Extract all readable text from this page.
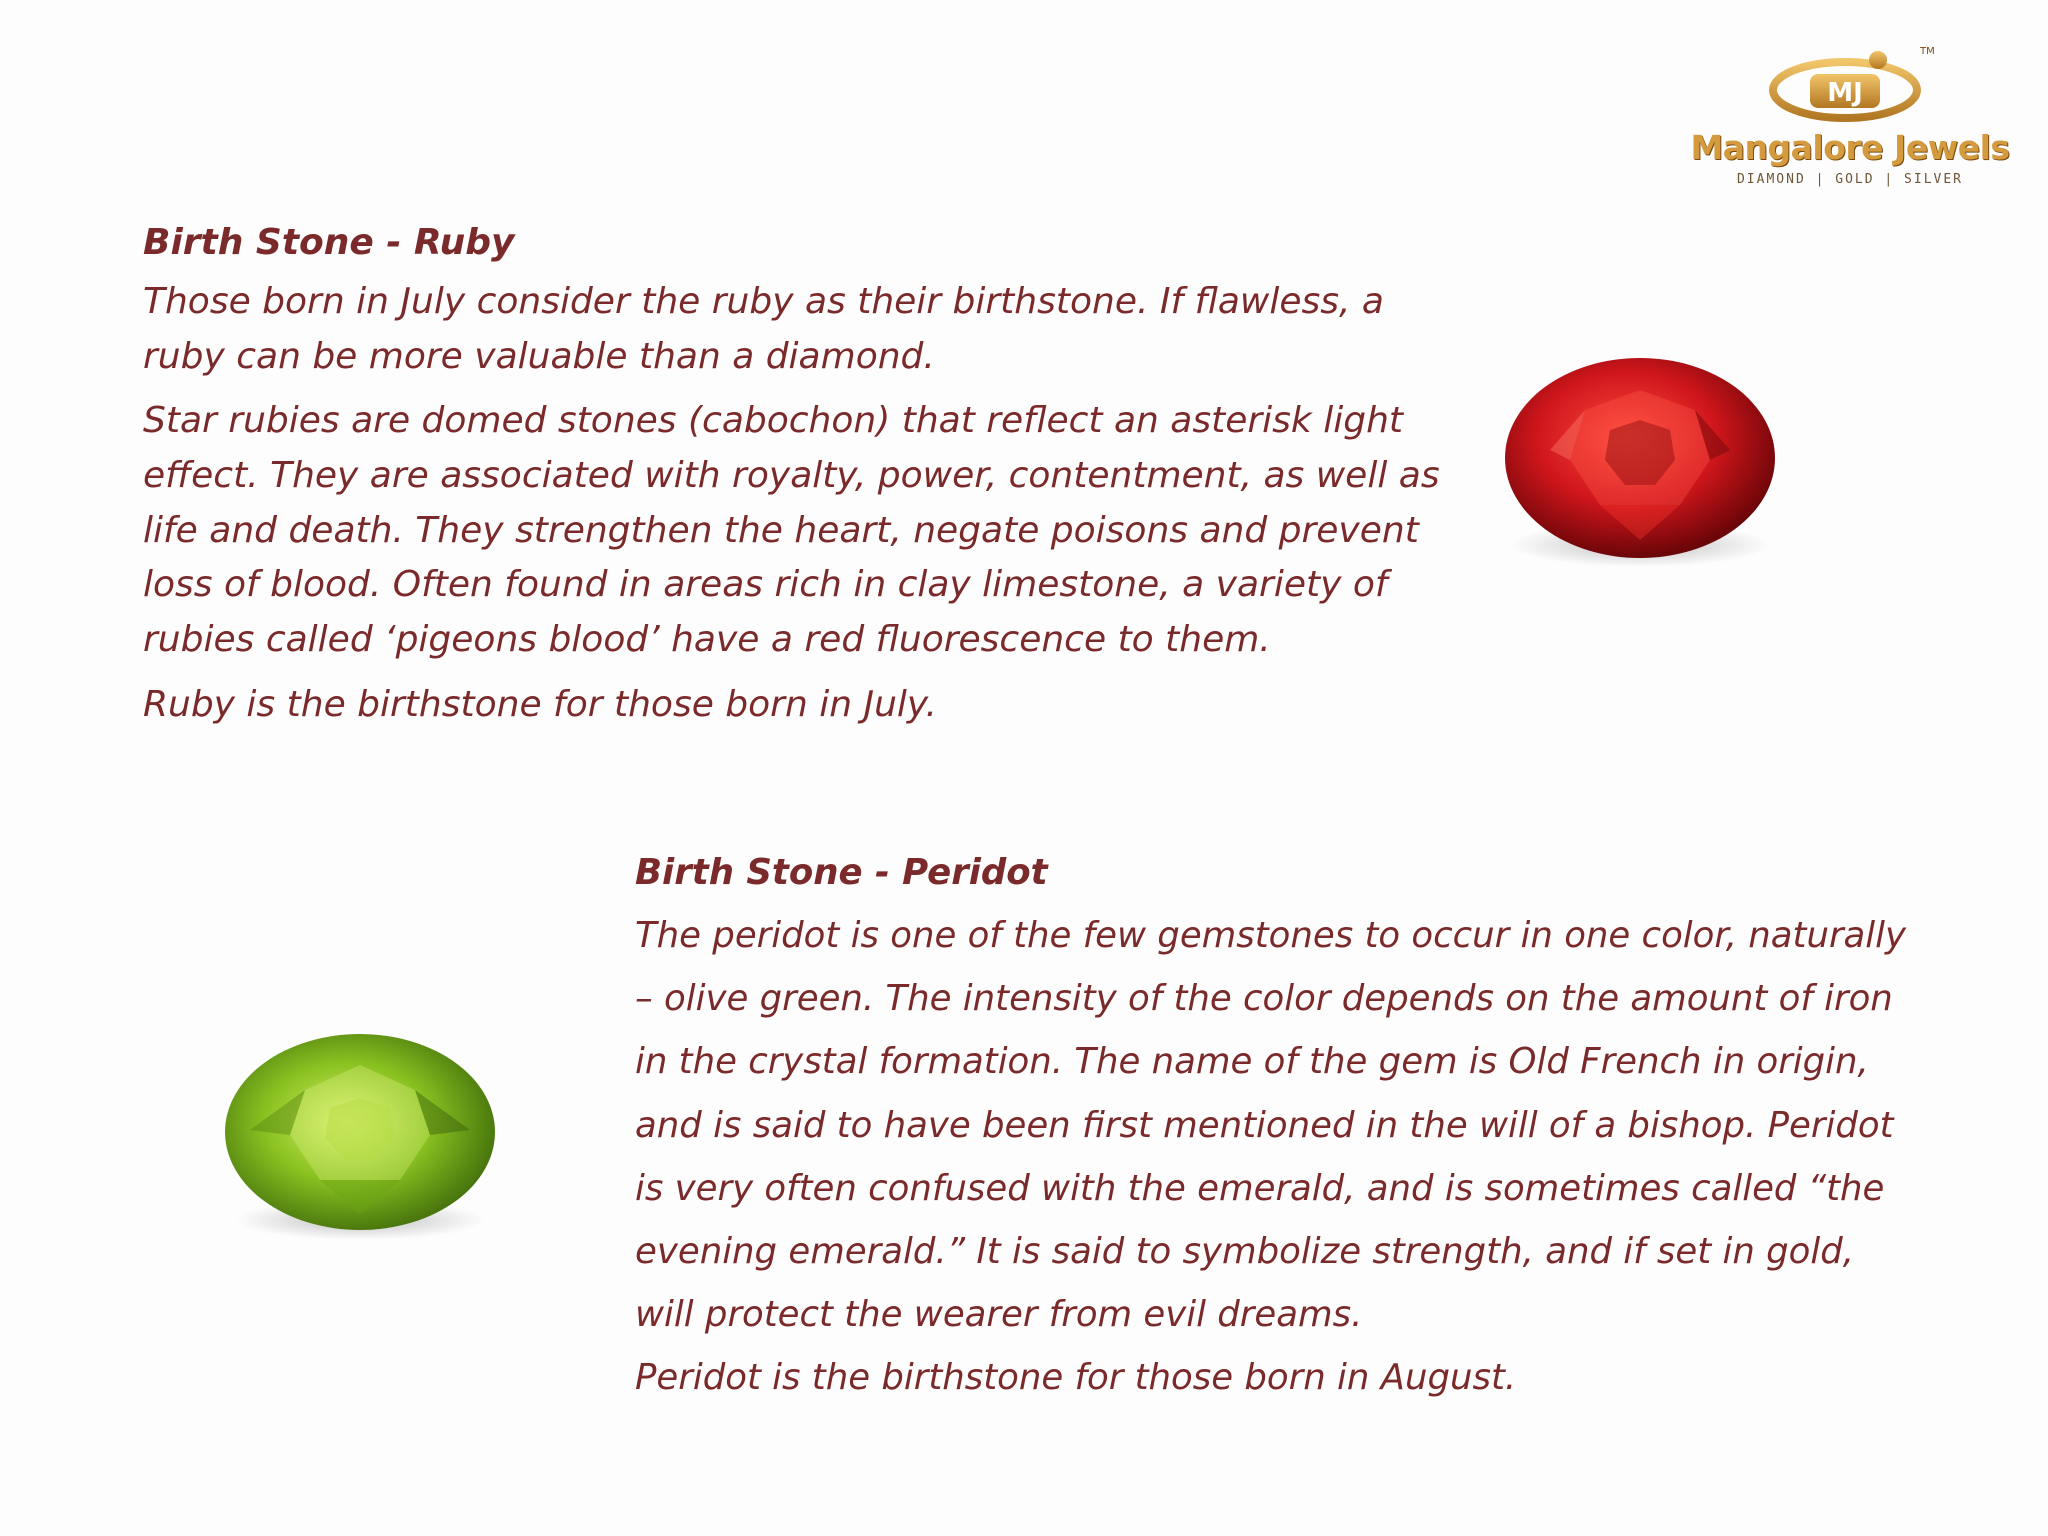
MJ
TM
Mangalore Jewels
DIAMOND | GOLD | SILVER

Birth Stone - Ruby

Those born in July consider the ruby as their birthstone. If flawless, a ruby can be more valuable than a diamond.

Star rubies are domed stones (cabochon) that reflect an asterisk light effect. They are associated with royalty, power, contentment, as well as life and death. They strengthen the heart, negate poisons and prevent loss of blood. Often found in areas rich in clay limestone, a variety of rubies called ‘pigeons blood’ have a red fluorescence to them.

Ruby is the birthstone for those born in July.

Birth Stone - Peridot

The peridot is one of the few gemstones to occur in one color, naturally – olive green. The intensity of the color depends on the amount of iron in the crystal formation. The name of the gem is Old French in origin, and is said to have been first mentioned in the will of a bishop. Peridot is very often confused with the emerald, and is sometimes called “the evening emerald.” It is said to symbolize strength, and if set in gold, will protect the wearer from evil dreams.

Peridot is the birthstone for those born in August.
